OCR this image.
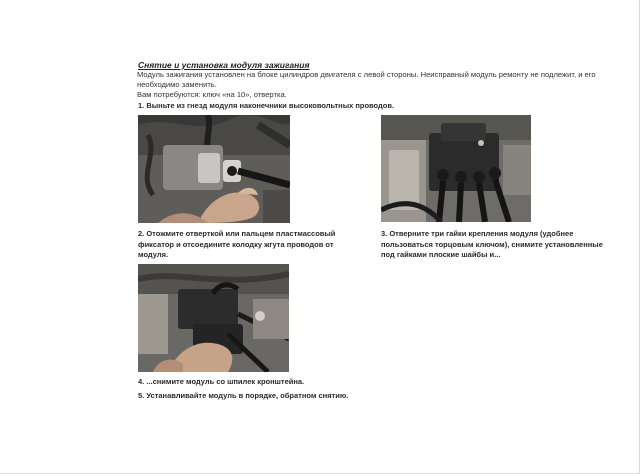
Снятие и установка модуля зажигания
Модуль зажигания установлен на блоке цилиндров двигателя с левой стороны. Неисправный модуль ремонту не подлежит, и его
необходимо заменить.
Вам потребуются: ключ «на 10», отвертка.
1. Выньте из гнезд модуля наконечники высоковольтных проводов.
2. Отожмите отверткой или пальцем пластмассовый
фиксатор и отсоедините колодку жгута проводов от
модуля.
3. Отверните три гайки крепления модуля (удобнее
пользоваться торцовым ключом), снимите установленные
под гайками плоские шайбы и...
4. ...снимите модуль со шпилек кронштейна.
5. Устанавливайте модуль в порядке, обратном снятию.
